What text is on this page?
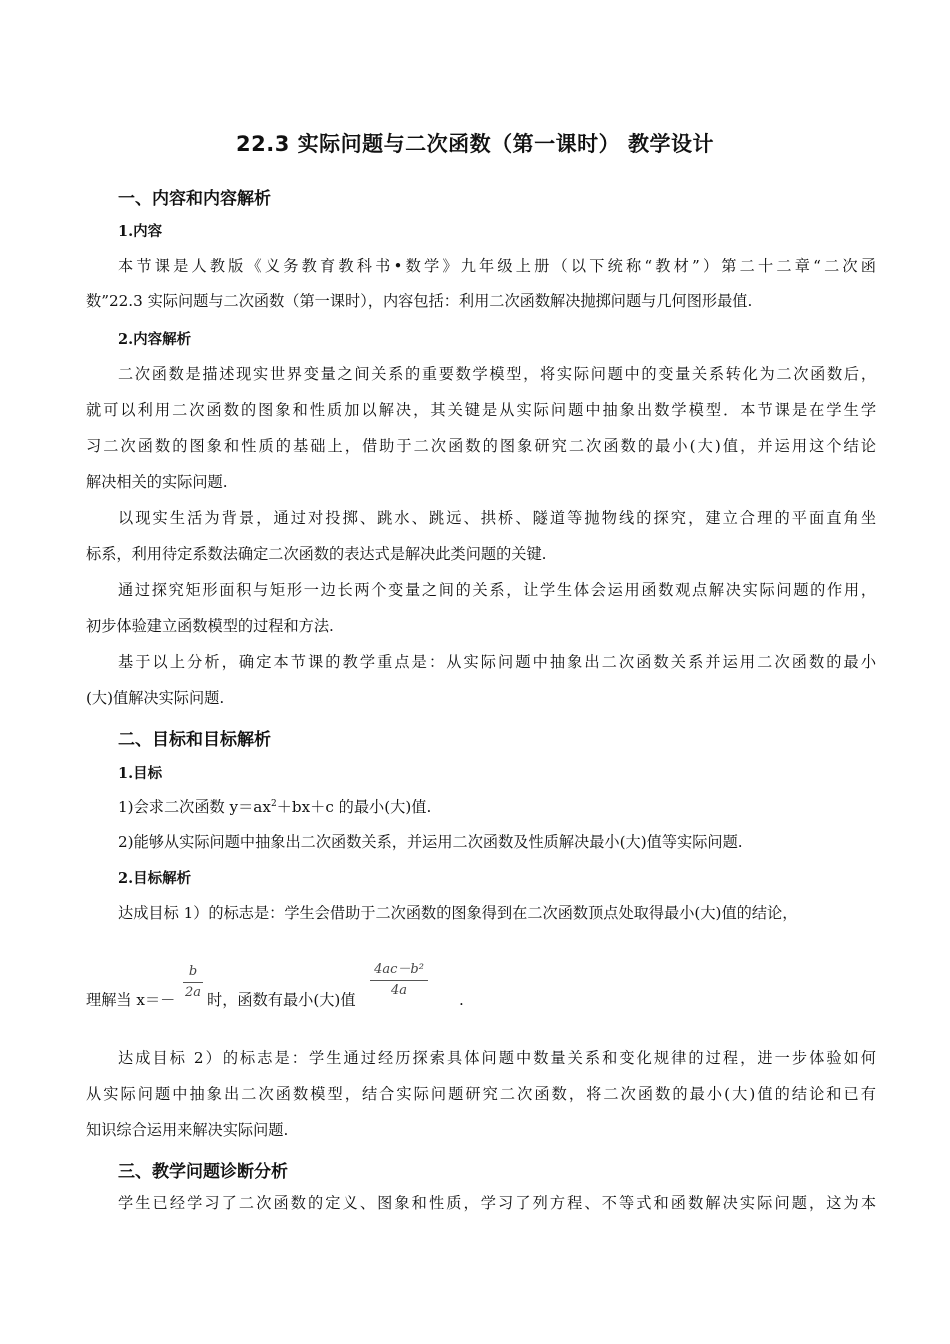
22.3 实际问题与二次函数（第一课时） 教学设计
一、内容和内容解析
1.内容
本节课是人教版《义务教育教科书•数学》九年级上册（以下统称“教材”）第二十二章“二次函
数”22.3 实际问题与二次函数（第一课时），内容包括：利用二次函数解决抛掷问题与几何图形最值.
2.内容解析
二次函数是描述现实世界变量之间关系的重要数学模型，将实际问题中的变量关系转化为二次函数后，
就可以利用二次函数的图象和性质加以解决，其关键是从实际问题中抽象出数学模型．本节课是在学生学
习二次函数的图象和性质的基础上，借助于二次函数的图象研究二次函数的最小(大)值，并运用这个结论
解决相关的实际问题.
以现实生活为背景，通过对投掷、跳水、跳远、拱桥、隧道等抛物线的探究，建立合理的平面直角坐
标系，利用待定系数法确定二次函数的表达式是解决此类问题的关键.
通过探究矩形面积与矩形一边长两个变量之间的关系，让学生体会运用函数观点解决实际问题的作用，
初步体验建立函数模型的过程和方法.
基于以上分析，确定本节课的教学重点是：从实际问题中抽象出二次函数关系并运用二次函数的最小
(大)值解决实际问题.
二、目标和目标解析
1.目标
1)会求二次函数 $y=ax^2+bx+c$ 的最小(大)值.
2)能够从实际问题中抽象出二次函数关系，并运用二次函数及性质解决最小(大)值等实际问题.
2.目标解析
达成目标 1）的标志是：学生会借助于二次函数的图象得到在二次函数顶点处取得最小(大)值的结论，
理解当 x＝－
b
2a 时，函数有最小(大)值
4ac－b²
4a
.
达成目标 2）的标志是：学生通过经历探索具体问题中数量关系和变化规律的过程，进一步体验如何
从实际问题中抽象出二次函数模型，结合实际问题研究二次函数，将二次函数的最小(大)值的结论和已有
知识综合运用来解决实际问题.
三、教学问题诊断分析
学生已经学习了二次函数的定义、图象和性质，学习了列方程、不等式和函数解决实际问题，这为本
